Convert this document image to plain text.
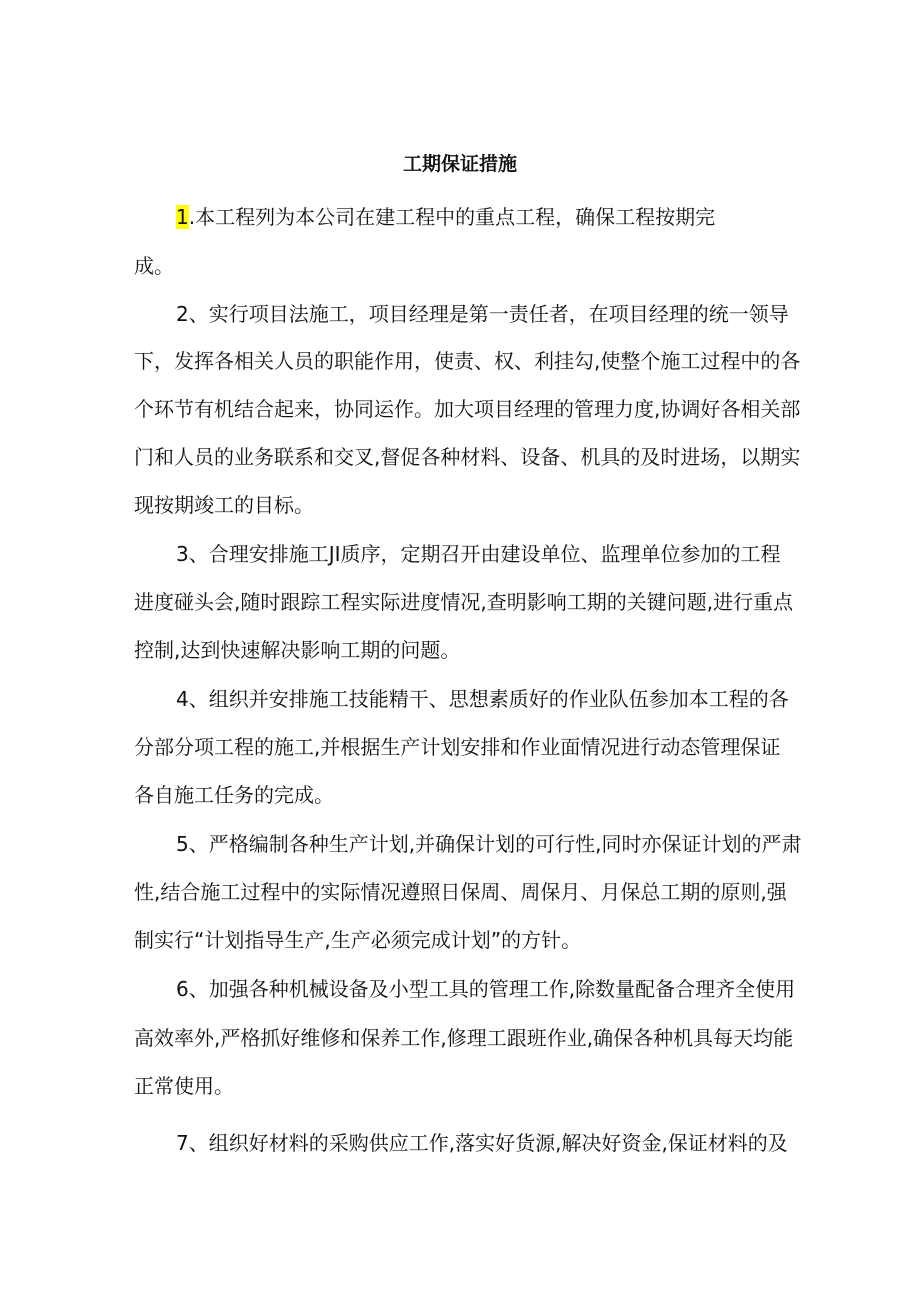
工期保证措施
1.本工程列为本公司在建工程中的重点工程，确保工程按期完
成。
2、实行项目法施工，项目经理是第一责任者，在项目经理的统一领导
下，发挥各相关人员的职能作用，使责、权、利挂勾,使整个施工过程中的各
个环节有机结合起来，协同运作。加大项目经理的管理力度,协调好各相关部
门和人员的业务联系和交叉,督促各种材料、设备、机具的及时进场，以期实
现按期竣工的目标。
3、合理安排施工JI质序，定期召开由建设单位、监理单位参加的工程
进度碰头会,随时跟踪工程实际进度情况,查明影响工期的关键问题,进行重点
控制,达到快速解决影响工期的问题。
4、组织并安排施工技能精干、思想素质好的作业队伍参加本工程的各
分部分项工程的施工,并根据生产计划安排和作业面情况进行动态管理保证
各自施工任务的完成。
5、严格编制各种生产计划,并确保计划的可行性,同时亦保证计划的严肃
性,结合施工过程中的实际情况遵照日保周、周保月、月保总工期的原则,强
制实行“计划指导生产,生产必须完成计划”的方针。
6、加强各种机械设备及小型工具的管理工作,除数量配备合理齐全使用
高效率外,严格抓好维修和保养工作,修理工跟班作业,确保各种机具每天均能
正常使用。
7、组织好材料的采购供应工作,落实好货源,解决好资金,保证材料的及
